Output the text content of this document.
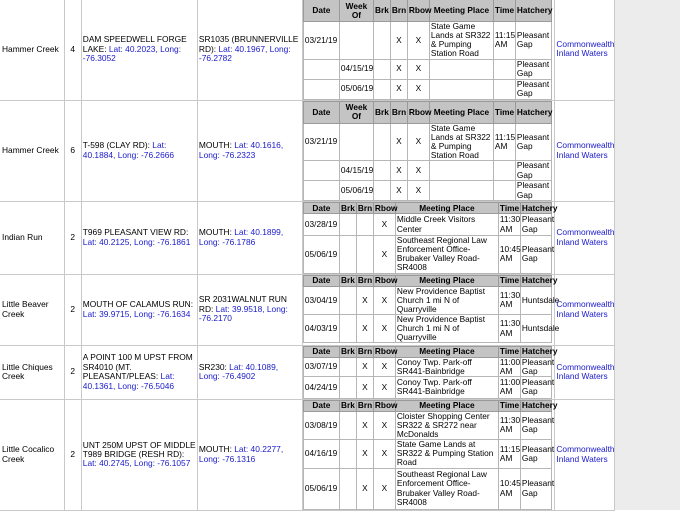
Hammer Creek	4	DAM SPEEDWELL FORGE LAKE: Lat: 40.2023, Long: -76.3052	SR1035 (BRUNNERVILLE RD): Lat: 40.1967, Long: -76.2782	
Date	Week Of	Brk	Brn	Rbow	Meeting Place	Time	Hatchery
03/21/19			X	X	State Game Lands at SR322 & Pumping Station Road	11:15 AM	Pleasant Gap
	04/15/19		X	X			Pleasant Gap
	05/06/19		X	X			Pleasant Gap
	Commonwealth Inland Waters
Hammer Creek	6	T-598 (CLAY RD): Lat: 40.1884, Long: -76.2666	MOUTH: Lat: 40.1616, Long: -76.2323	
Date	Week Of	Brk	Brn	Rbow	Meeting Place	Time	Hatchery
03/21/19			X	X	State Game Lands at SR322 & Pumping Station Road	11:15 AM	Pleasant Gap
	04/15/19		X	X			Pleasant Gap
	05/06/19		X	X			Pleasant Gap
	Commonwealth Inland Waters
Indian Run	2	T969 PLEASANT VIEW RD: Lat: 40.2125, Long: -76.1861	MOUTH: Lat: 40.1899, Long: -76.1786	
Date	Brk	Brn	Rbow	Meeting Place	Time	Hatchery
03/28/19			X	Middle Creek Visitors Center	11:30 AM	Pleasant Gap
05/06/19			X	Southeast Regional Law Enforcement Office-Brubaker Valley Road-SR4008	10:45 AM	Pleasant Gap
	Commonwealth Inland Waters
Little Beaver Creek	2	MOUTH OF CALAMUS RUN: Lat: 39.9715, Long: -76.1634	SR 2031WALNUT RUN RD: Lat: 39.9518, Long: -76.2170	
Date	Brk	Brn	Rbow	Meeting Place	Time	Hatchery
03/04/19		X	X	New Providence Baptist Church 1 mi N of Quarryville	11:30 AM	Huntsdale
04/03/19		X	X	New Providence Baptist Church 1 mi N of Quarryville	11:30 AM	Huntsdale
	Commonwealth Inland Waters
Little Chiques Creek	2	A POINT 100 M UPST FROM SR4010 (MT. PLEASANT/PLEAS: Lat: 40.1361, Long: -76.5046	SR230: Lat: 40.1089, Long: -76.4902	
Date	Brk	Brn	Rbow	Meeting Place	Time	Hatchery
03/07/19		X	X	Conoy Twp. Park-off SR441-Bainbridge	11:00 AM	Pleasant Gap
04/24/19		X	X	Conoy Twp. Park-off SR441-Bainbridge	11:00 AM	Pleasant Gap
	Commonwealth Inland Waters
Little Cocalico Creek	2	UNT 250M UPST OF MIDDLE T989 BRIDGE (RESH RD): Lat: 40.2745, Long: -76.1057	MOUTH: Lat: 40.2277, Long: -76.1316	
Date	Brk	Brn	Rbow	Meeting Place	Time	Hatchery
03/08/19		X	X	Cloister Shopping Center SR322 & SR272 near McDonalds	11:30 AM	Pleasant Gap
04/16/19		X	X	State Game Lands at SR322 & Pumping Station Road	11:15 AM	Pleasant Gap
05/06/19		X	X	Southeast Regional Law Enforcement Office-Brubaker Valley Road-SR4008	10:45 AM	Pleasant Gap
	Commonwealth Inland Waters
